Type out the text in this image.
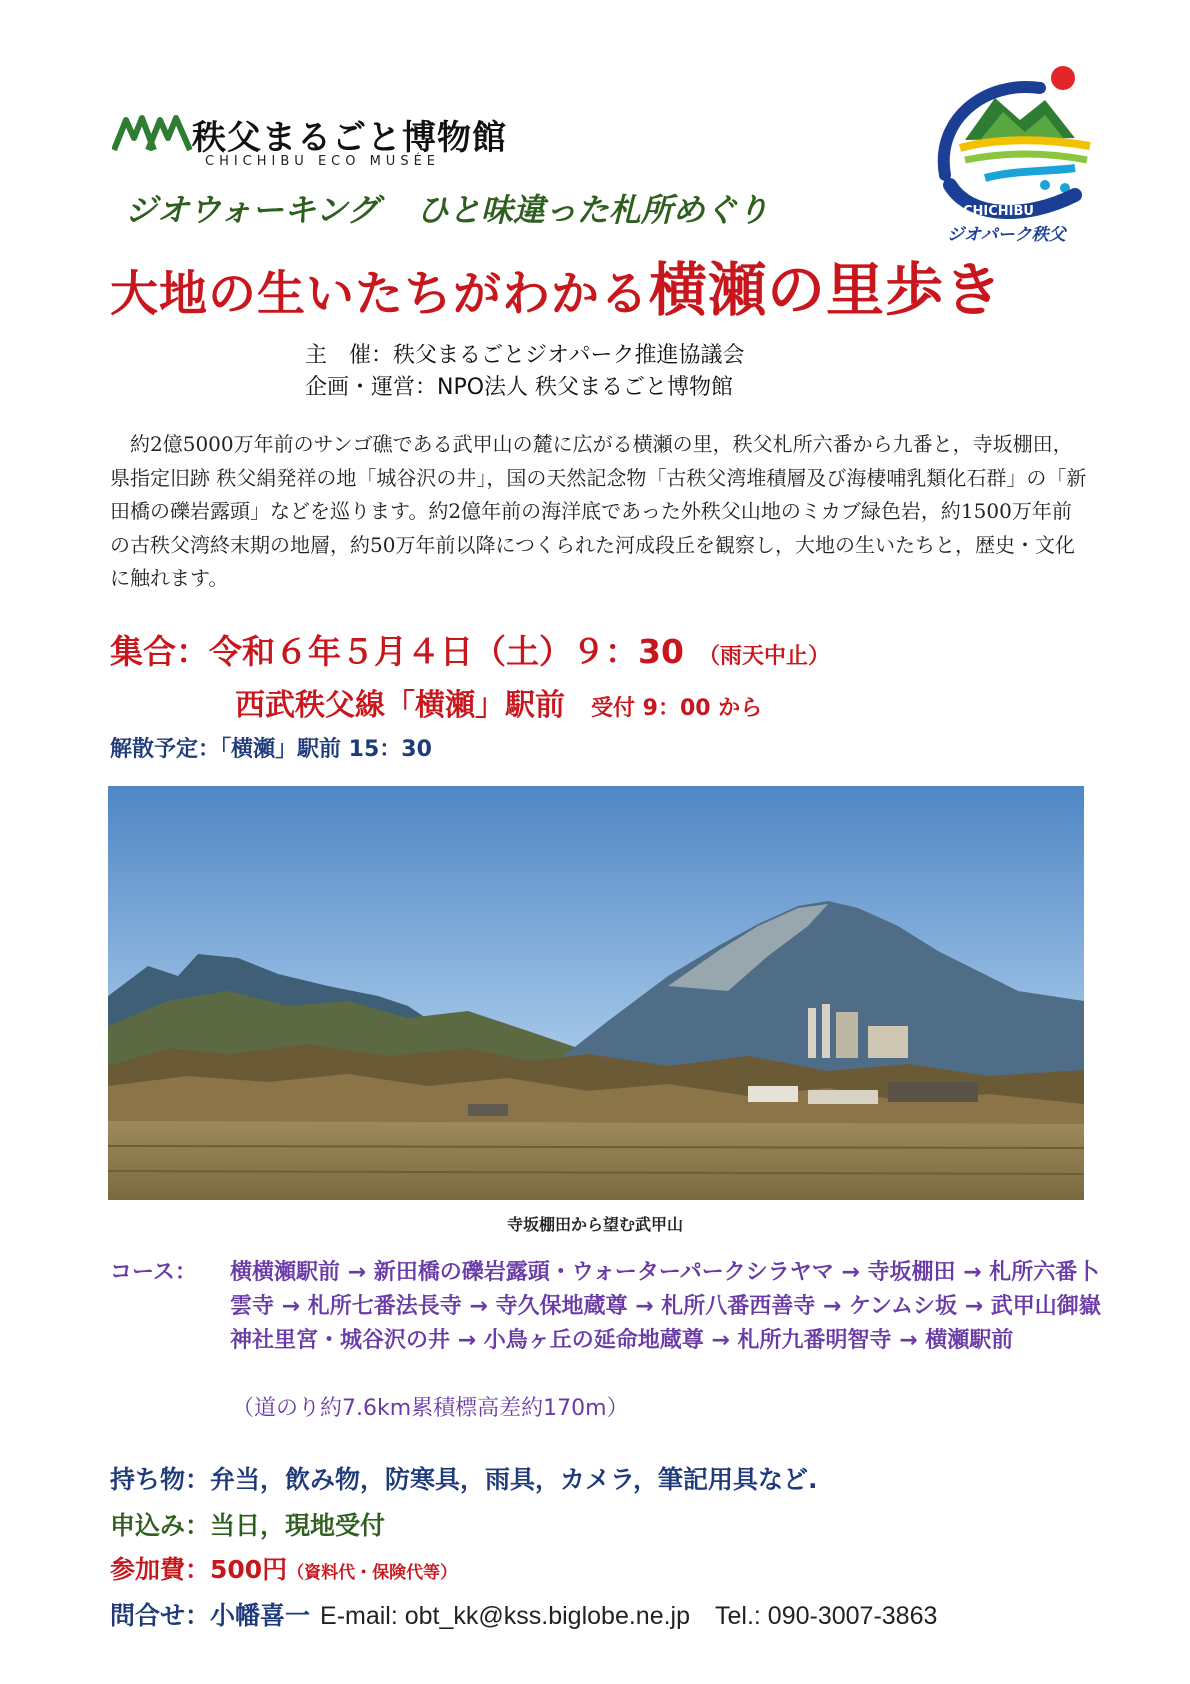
秩父まるごと博物館
CHICHIBU ECO MUSÉE
CHICHIBU
ジオパーク秩父
ジオウォーキング ひと味違った札所めぐり
大地の生いたちがわかる横瀬の里歩き
主　催：秩父まるごとジオパーク推進協議会
企画・運営：NPO法人 秩父まるごと博物館
約2億5000万年前のサンゴ礁である武甲山の麓に広がる横瀬の里，秩父札所六番から九番と，寺坂棚田，県指定旧跡 秩父絹発祥の地「城谷沢の井」，国の天然記念物「古秩父湾堆積層及び海棲哺乳類化石群」の「新田橋の礫岩露頭」などを巡ります。約2億年前の海洋底であった外秩父山地のミカブ緑色岩，約1500万年前の古秩父湾終末期の地層，約50万年前以降につくられた河成段丘を観察し，大地の生いたちと，歴史・文化に触れます。
集合：令和６年５月４日（土）９：30 （雨天中止）
西武秩父線「横瀬」駅前 受付 9：00 から
解散予定：「横瀬」駅前 15：30
寺坂棚田から望む武甲山
コース： 横横瀬駅前 → 新田橋の礫岩露頭・ウォーターパークシラヤマ → 寺坂棚田 → 札所六番卜雲寺 → 札所七番法長寺 → 寺久保地蔵尊 → 札所八番西善寺 → ケンムシ坂 → 武甲山御嶽神社里宮・城谷沢の井 → 小鳥ヶ丘の延命地蔵尊 → 札所九番明智寺 → 横瀬駅前
（道のり約7.6km累積標高差約170m）
持ち物：弁当，飲み物，防寒具，雨具，カメラ，筆記用具など.
申込み：当日，現地受付
参加費：500円（資料代・保険代等）
問合せ：小幡喜一 E-mail: obt_kk@kss.biglobe.ne.jp　Tel.: 090-3007-3863
